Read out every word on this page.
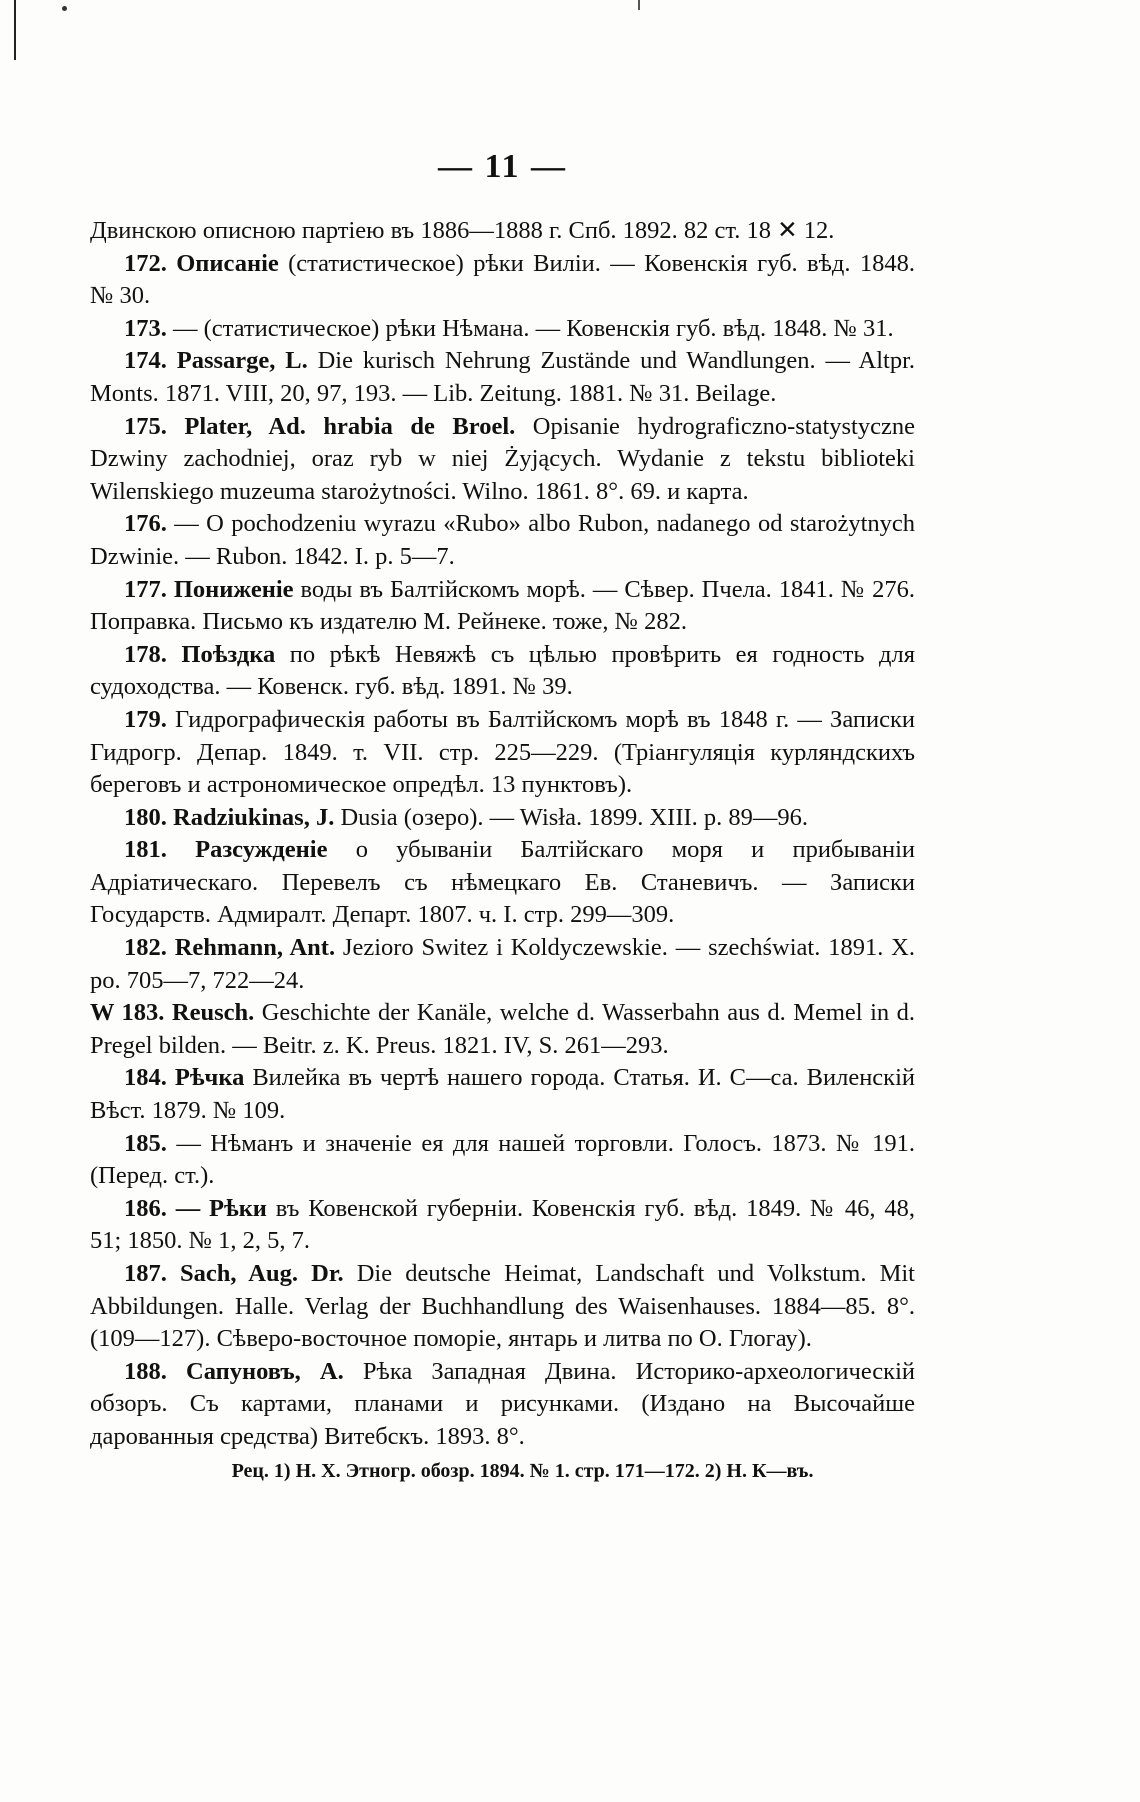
— 11 —

Двинскою описною партіею въ 1886—1888 г. Спб. 1892. 82 ст. 18 ✕ 12.

172. Описаніе (статистическое) рѣки Виліи. — Ковенскія губ. вѣд. 1848. № 30.

173. — (статистическое) рѣки Нѣмана. — Ковенскія губ. вѣд. 1848. № 31.

174. Passarge, L. Die kurisch Nehrung Zustände und Wandlungen. — Altpr. Monts. 1871. VIII, 20, 97, 193. — Lib. Zeitung. 1881. № 31. Beilage.

175. Plater, Ad. hrabia de Broel. Opisanie hydrograficzno-statystyczne Dzwiny zachodniej, oraz ryb w niej Żyjących. Wydanie z tekstu biblioteki Wileпskiego muzeuma starożytności. Wilno. 1861. 8°. 69. и карта.

176. — O pochodzeniu wyrazu «Rubo» albo Rubon, nadanego od starożytnych Dzwinie. — Rubon. 1842. I. p. 5—7.

177. Пониженіе воды въ Балтійскомъ морѣ. — Сѣвер. Пчела. 1841. № 276. Поправка. Письмо къ издателю М. Рейнеке. тоже, № 282.

178. Поѣздка по рѣкѣ Невяжѣ съ цѣлью провѣрить ея годность для судоходства. — Ковенск. губ. вѣд. 1891. № 39.

179. Гидрографическія работы въ Балтійскомъ морѣ въ 1848 г. — Записки Гидрогр. Депар. 1849. т. VII. стр. 225—229. (Тріангуляція курляндскихъ береговъ и астрономическое опредѣл. 13 пунктовъ).

180. Radziukinas, J. Dusia (озеро). — Wisła. 1899. XIII. p. 89—96.

181. Разсужденіе о убываніи Балтійскаго моря и прибываніи Адріатическаго. Перевелъ съ нѣмецкаго Ев. Станевичъ. — Записки Государств. Адмиралт. Департ. 1807. ч. I. стр. 299—309.

182. Rehmann, Ant. Jezioro Switez i Koldyczewskie. — szechświat. 1891. X. po. 705—7, 722—24.

W 183. Reusch. Geschichte der Kanäle, welche d. Wasserbahn aus d. Memel in d. Pregel bilden. — Beitr. z. K. Preus. 1821. IV, S. 261—293.

184. Рѣчка Вилейка въ чертѣ нашего города. Статья. И. С—са. Виленскій Вѣст. 1879. № 109.

185. — Нѣманъ и значеніе ея для нашей торговли. Голосъ. 1873. № 191. (Перед. ст.).

186. — Рѣки въ Ковенской губерніи. Ковенскія губ. вѣд. 1849. № 46, 48, 51; 1850. № 1, 2, 5, 7.

187. Sach, Aug. Dr. Die deutsche Heimat, Landschaft und Volkstum. Mit Abbildungen. Halle. Verlag der Buchhandlung des Waisenhauses. 1884—85. 8°. (109—127). Сѣверо-восточное поморіе, янтарь и литва по О. Глогау).

188. Сапуновъ, А. Рѣка Западная Двина. Историко-археологическій обзоръ. Съ картами, планами и рисунками. (Издано на Высочайше дарованныя средства) Витебскъ. 1893. 8°.

Рец. 1) Н. Х. Этногр. обозр. 1894. № 1. стр. 171—172. 2) Н. К—въ.
